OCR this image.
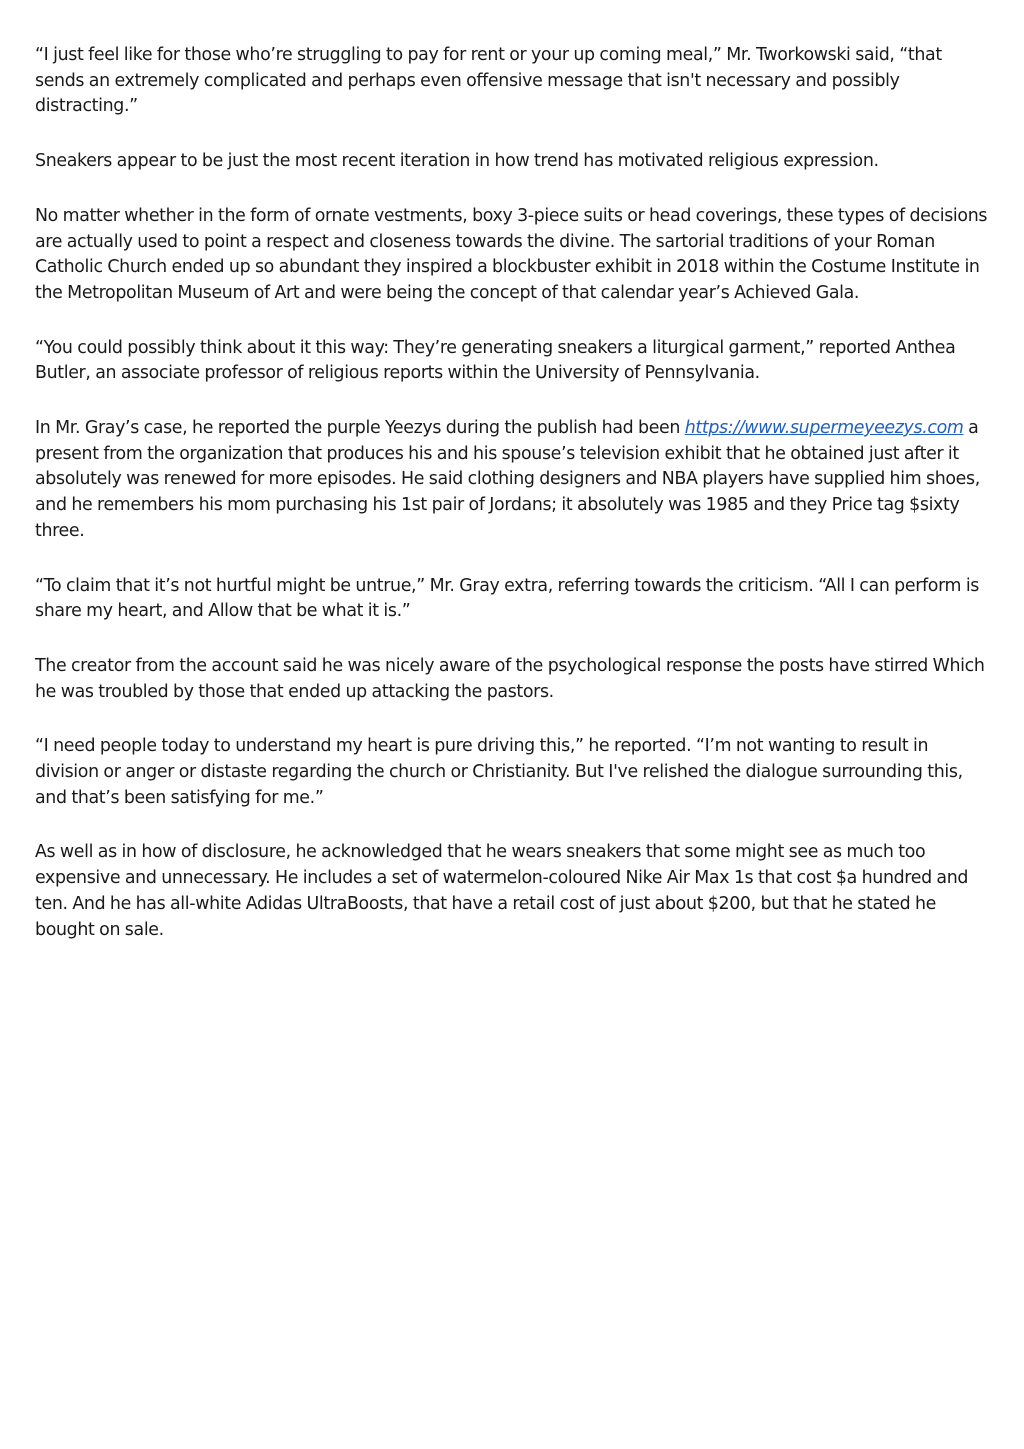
“I just feel like for those who’re struggling to pay for rent or your up coming meal,” Mr. Tworkowski said, “that sends an extremely complicated and perhaps even offensive message that isn't necessary and possibly distracting.”

Sneakers appear to be just the most recent iteration in how trend has motivated religious expression.

No matter whether in the form of ornate vestments, boxy 3-piece suits or head coverings, these types of decisions are actually used to point a respect and closeness towards the divine. The sartorial traditions of your Roman Catholic Church ended up so abundant they inspired a blockbuster exhibit in 2018 within the Costume Institute in the Metropolitan Museum of Art and were being the concept of that calendar year’s Achieved Gala.

“You could possibly think about it this way: They’re generating sneakers a liturgical garment,” reported Anthea Butler, an associate professor of religious reports within the University of Pennsylvania.

In Mr. Gray’s case, he reported the purple Yeezys during the publish had been https://www.supermeyeezys.com a present from the organization that produces his and his spouse’s television exhibit that he obtained just after it absolutely was renewed for more episodes. He said clothing designers and NBA players have supplied him shoes, and he remembers his mom purchasing his 1st pair of Jordans; it absolutely was 1985 and they Price tag $sixty three.

“To claim that it’s not hurtful might be untrue,” Mr. Gray extra, referring towards the criticism. “All I can perform is share my heart, and Allow that be what it is.”

The creator from the account said he was nicely aware of the psychological response the posts have stirred Which he was troubled by those that ended up attacking the pastors.

“I need people today to understand my heart is pure driving this,” he reported. “I’m not wanting to result in division or anger or distaste regarding the church or Christianity. But I've relished the dialogue surrounding this, and that’s been satisfying for me.”

As well as in how of disclosure, he acknowledged that he wears sneakers that some might see as much too expensive and unnecessary. He includes a set of watermelon-coloured Nike Air Max 1s that cost $a hundred and ten. And he has all-white Adidas UltraBoosts, that have a retail cost of just about $200, but that he stated he bought on sale.
